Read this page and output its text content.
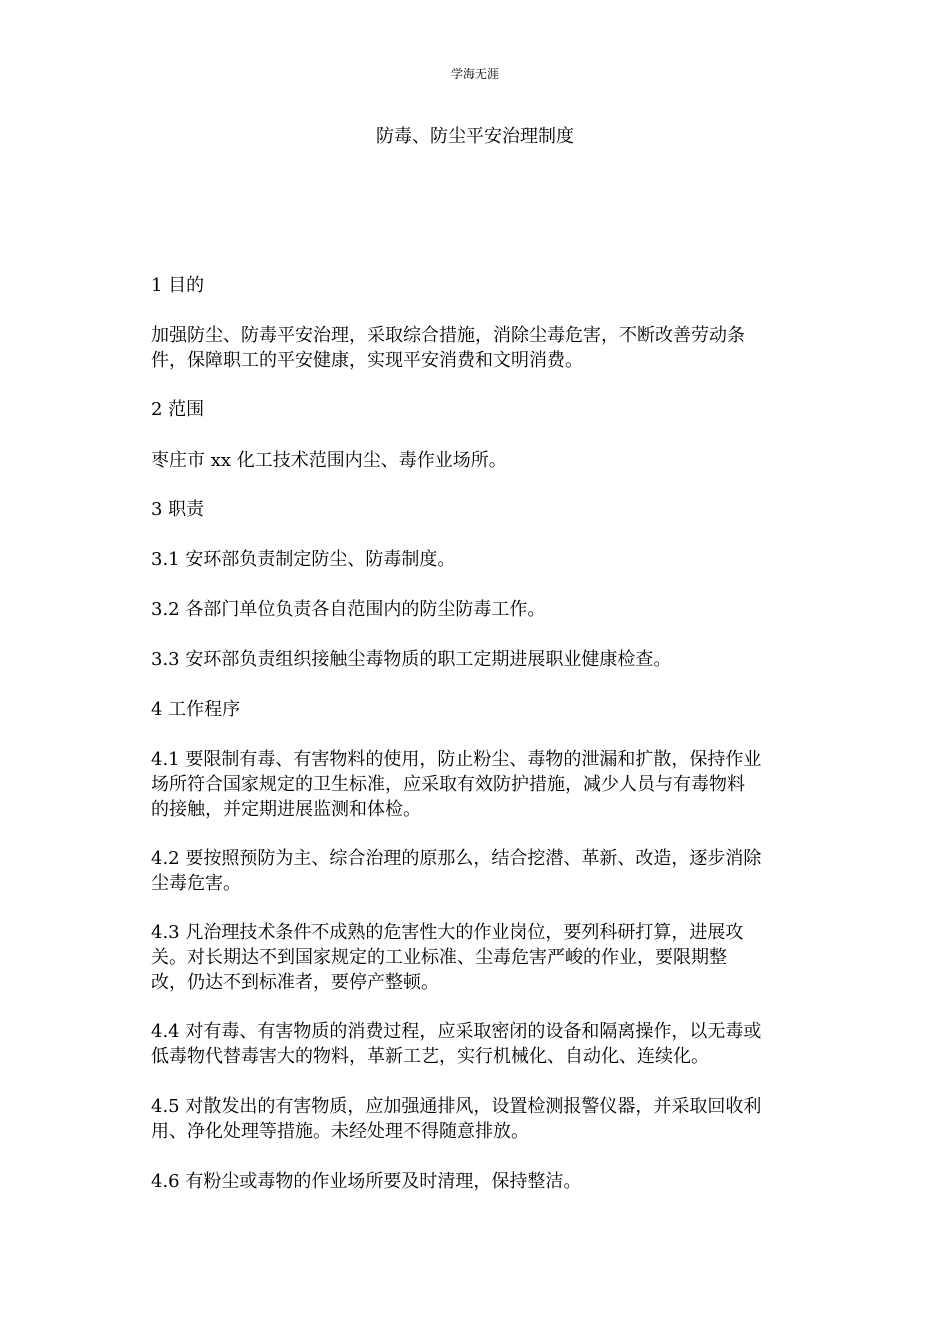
学海无涯
防毒、防尘平安治理制度

1 目的

加强防尘、防毒平安治理，采取综合措施，消除尘毒危害，不断改善劳动条
件，保障职工的平安健康，实现平安消费和文明消费。

2 范围

枣庄市 xx 化工技术范围内尘、毒作业场所。

3 职责

3.1 安环部负责制定防尘、防毒制度。

3.2 各部门单位负责各自范围内的防尘防毒工作。

3.3 安环部负责组织接触尘毒物质的职工定期进展职业健康检查。

4 工作程序

4.1 要限制有毒、有害物料的使用，防止粉尘、毒物的泄漏和扩散，保持作业
场所符合国家规定的卫生标准，应采取有效防护措施，减少人员与有毒物料
的接触，并定期进展监测和体检。

4.2 要按照预防为主、综合治理的原那么，结合挖潜、革新、改造，逐步消除
尘毒危害。

4.3 凡治理技术条件不成熟的危害性大的作业岗位，要列科研打算，进展攻
关。对长期达不到国家规定的工业标准、尘毒危害严峻的作业，要限期整
改，仍达不到标准者，要停产整顿。

4.4 对有毒、有害物质的消费过程，应采取密闭的设备和隔离操作，以无毒或
低毒物代替毒害大的物料，革新工艺，实行机械化、自动化、连续化。

4.5 对散发出的有害物质，应加强通排风，设置检测报警仪器，并采取回收利
用、净化处理等措施。未经处理不得随意排放。

4.6 有粉尘或毒物的作业场所要及时清理，保持整洁。
